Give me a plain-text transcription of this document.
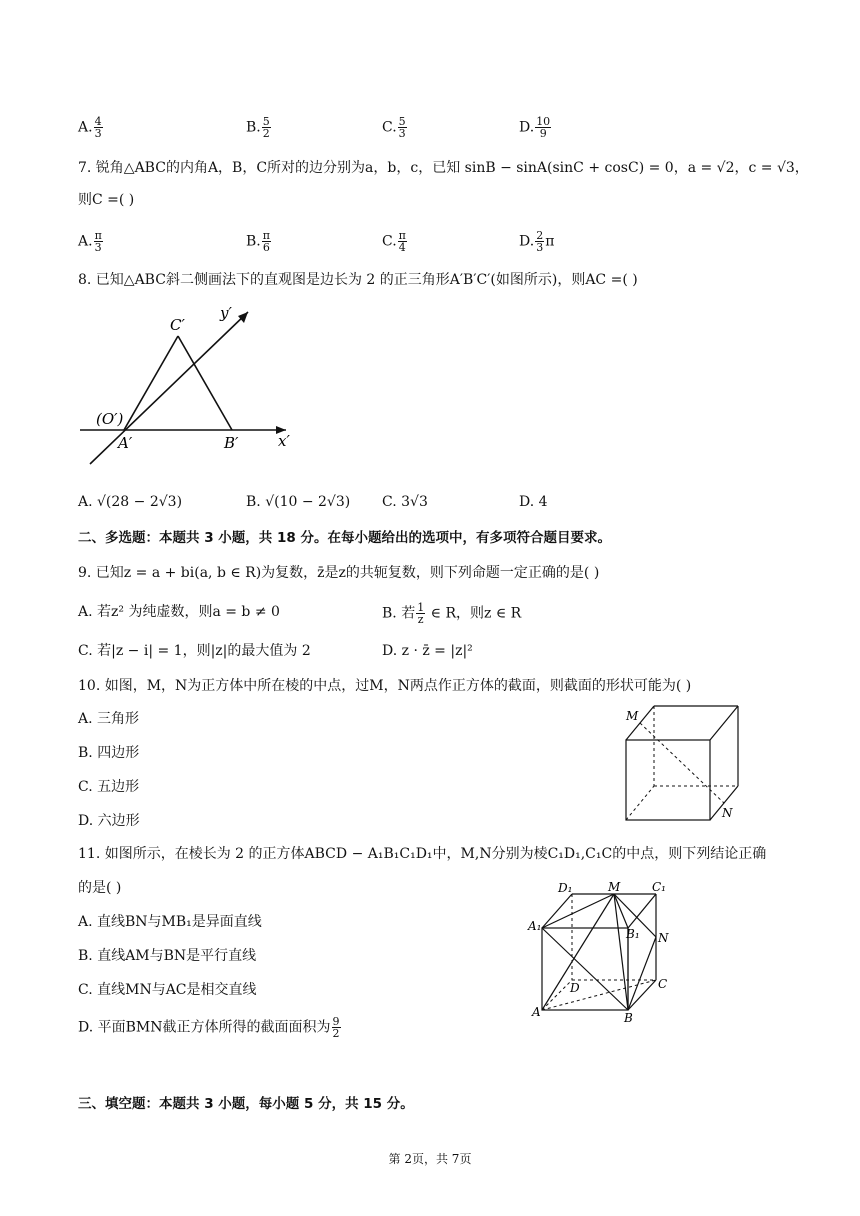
A. $\frac{4}{3}$	B. $\frac{5}{2}$	C. $\frac{5}{3}$	D. $\frac{10}{9}$
7. 锐角△ABC的内角A，B，C所对的边分别为a，b，c，已知 sinB − sinA(sinC + cosC) = 0，a = √2，c = √3，
则C =( )
A. $\frac{\pi}{3}$	B. $\frac{\pi}{6}$	C. $\frac{\pi}{4}$	D. $\frac{2}{3}$ π
8. 已知△ABC斜二侧画法下的直观图是边长为 2 的正三角形A′B′C′(如图所示)，则AC =( )
C′
y′
(O′)
A′	B′	x′
A. √(28 − 2√3)	B. √(10 − 2√3) C. 3√3	D. 4
二、多选题：本题共 3 小题，共 18 分。在每小题给出的选项中，有多项符合题目要求。
9. 已知z = a + bi(a, b ∈ R)为复数，z̄是z的共轭复数，则下列命题一定正确的是( )
A. 若z² 为纯虚数，则a = b ≠ 0	B. 若 $\frac{1}{z}$ ∈ R，则z ∈ R
C. 若|z − i| = 1，则|z|的最大值为 2	D. z · z̄ = |z|²
10. 如图，M，N为正方体中所在棱的中点，过M，N两点作正方体的截面，则截面的形状可能为( )
A. 三角形
B. 四边形
C. 五边形
D. 六边形
M
N
11. 如图所示，在棱长为 2 的正方体ABCD − A₁B₁C₁D₁中，M,N分别为棱C₁D₁,C₁C的中点，则下列结论正确
的是( )
A. 直线BN与MB₁是异面直线
B. 直线AM与BN是平行直线
C. 直线MN与AC是相交直线
D. 平面BMN截正方体所得的截面面积为 $\frac{9}{2}$
D₁	M	C₁
A₁
B₁ N
D	C
A	B
三、填空题：本题共 3 小题，每小题 5 分，共 15 分。
第 2页，共 7页
